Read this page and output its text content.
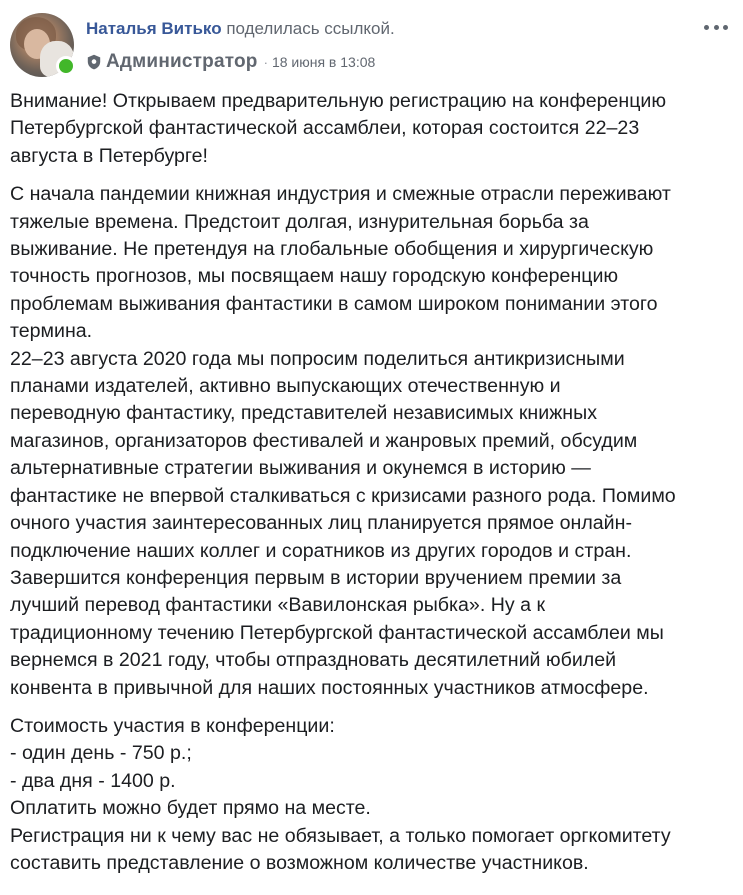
Наталья Витько поделилась ссылкой.
Администратор · 18 июня в 13:08

Внимание! Открываем предварительную регистрацию на конференцию
Петербургской фантастической ассамблеи, которая состоится 22–23
августа в Петербурге!

С начала пандемии книжная индустрия и смежные отрасли переживают
тяжелые времена. Предстоит долгая, изнурительная борьба за
выживание. Не претендуя на глобальные обобщения и хирургическую
точность прогнозов, мы посвящаем нашу городскую конференцию
проблемам выживания фантастики в самом широком понимании этого
термина.

22–23 августа 2020 года мы попросим поделиться антикризисными
планами издателей, активно выпускающих отечественную и
переводную фантастику, представителей независимых книжных
магазинов, организаторов фестивалей и жанровых премий, обсудим
альтернативные стратегии выживания и окунемся в историю —
фантастике не впервой сталкиваться с кризисами разного рода. Помимо
очного участия заинтересованных лиц планируется прямое онлайн-
подключение наших коллег и соратников из других городов и стран.
Завершится конференция первым в истории вручением премии за
лучший перевод фантастики «Вавилонская рыбка». Ну а к
традиционному течению Петербургской фантастической ассамблеи мы
вернемся в 2021 году, чтобы отпраздновать десятилетний юбилей
конвента в привычной для наших постоянных участников атмосфере.

Стоимость участия в конференции:
- один день - 750 р.;
- два дня - 1400 р.
Оплатить можно будет прямо на месте.
Регистрация ни к чему вас не обязывает, а только помогает оргкомитету
составить представление о возможном количестве участников.
